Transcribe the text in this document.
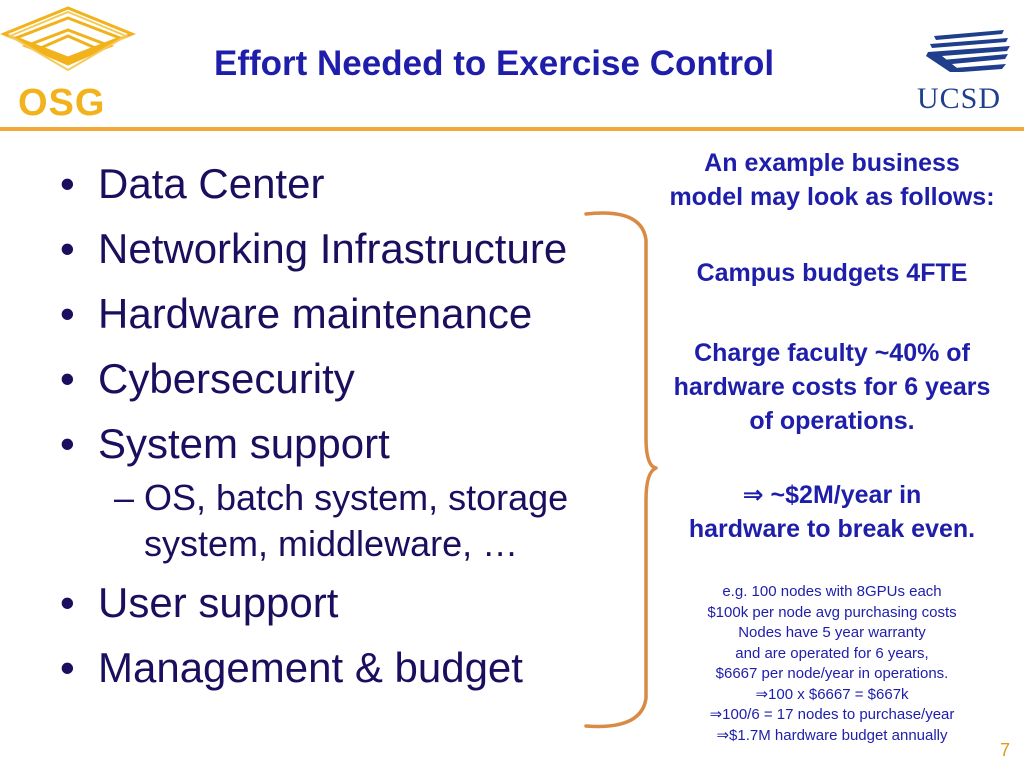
OSG
Effort Needed to Exercise Control
UCSD
• Data Center
• Networking Infrastructure
• Hardware maintenance
• Cybersecurity
• System support
– OS, batch system, storage
system, middleware, …
• User support
• Management & budget
An example business
model may look as follows:
Campus budgets 4FTE
Charge faculty ~40% of
hardware costs for 6 years
of operations.
⇒ ~$2M/year in
hardware to break even.
e.g. 100 nodes with 8GPUs each
$100k per node avg purchasing costs
Nodes have 5 year warranty
and are operated for 6 years,
$6667 per node/year in operations.
⇒100 x $6667 = $667k
⇒100/6 = 17 nodes to purchase/year
⇒$1.7M hardware budget annually
7
